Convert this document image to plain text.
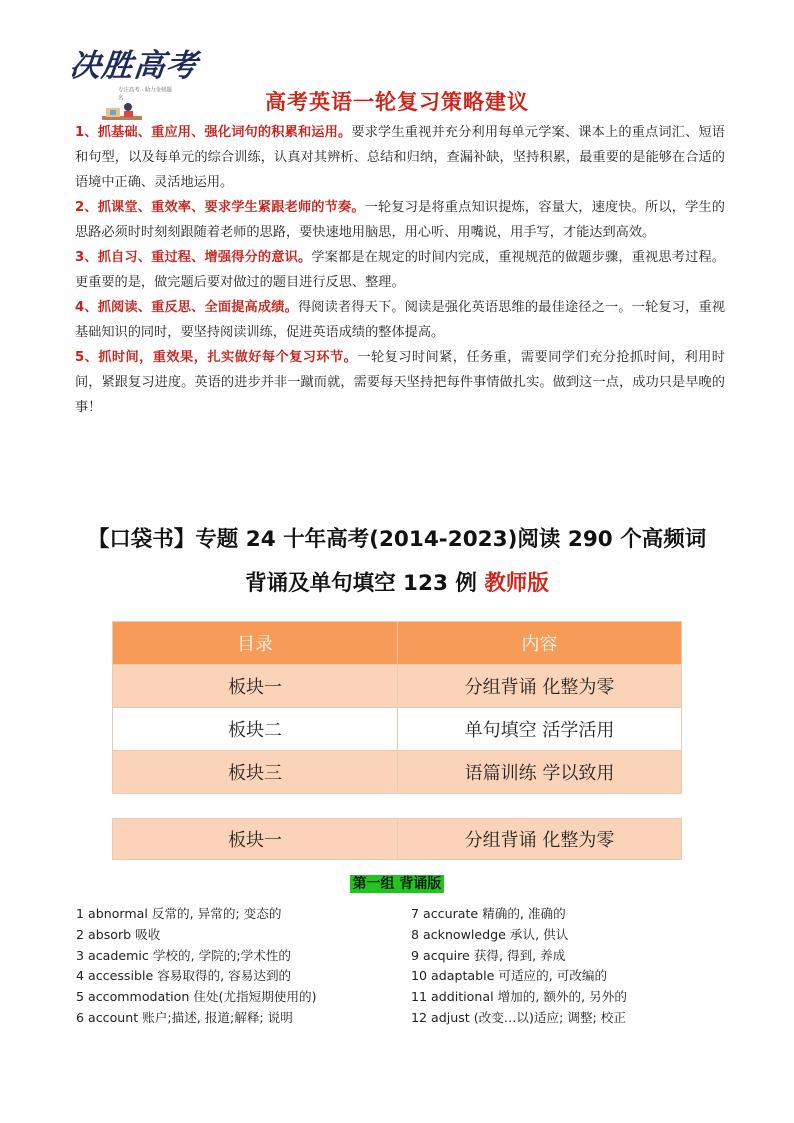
决胜高考
专注高考 · 助力金榜题名	高考英语一轮复习策略建议

1、抓基础、重应用、强化词句的积累和运用。要求学生重视并充分利用每单元学案、课本上的重点词汇、短语和句型，以及每单元的综合训练，认真对其辨析、总结和归纳，查漏补缺，坚持积累，最重要的是能够在合适的语境中正确、灵活地运用。

2、抓课堂、重效率、要求学生紧跟老师的节奏。一轮复习是将重点知识提炼，容量大，速度快。所以，学生的思路必须时时刻刻跟随着老师的思路，要快速地用脑思，用心听、用嘴说，用手写，才能达到高效。

3、抓自习、重过程、增强得分的意识。学案都是在规定的时间内完成，重视规范的做题步骤，重视思考过程。更重要的是，做完题后要对做过的题目进行反思、整理。

4、抓阅读、重反思、全面提高成绩。得阅读者得天下。阅读是强化英语思维的最佳途径之一。一轮复习，重视基础知识的同时，要坚持阅读训练，促进英语成绩的整体提高。

5、抓时间，重效果，扎实做好每个复习环节。一轮复习时间紧，任务重，需要同学们充分抢抓时间，利用时间，紧跟复习进度。英语的进步并非一蹴而就，需要每天坚持把每件事情做扎实。做到这一点，成功只是早晚的事！

【口袋书】专题 24 十年高考(2014-2023)阅读 290 个高频词
背诵及单句填空 123 例 教师版
目录	内容
板块一	分组背诵 化整为零
板块二	单句填空 活学活用
板块三	语篇训练 学以致用
板块一	分组背诵 化整为零
第一组 背诵版
1 abnormal 反常的, 异常的; 变态的
2 absorb 吸收
3 academic 学校的, 学院的;学术性的
4 accessible 容易取得的, 容易达到的
5 accommodation 住处(尤指短期使用的)
6 account 账户;描述, 报道;解释; 说明
7 accurate 精确的, 准确的
8 acknowledge 承认, 供认
9 acquire 获得, 得到, 养成
10 adaptable 可适应的, 可改编的
11 additional 增加的, 额外的, 另外的
12 adjust (改变…以)适应; 调整; 校正
